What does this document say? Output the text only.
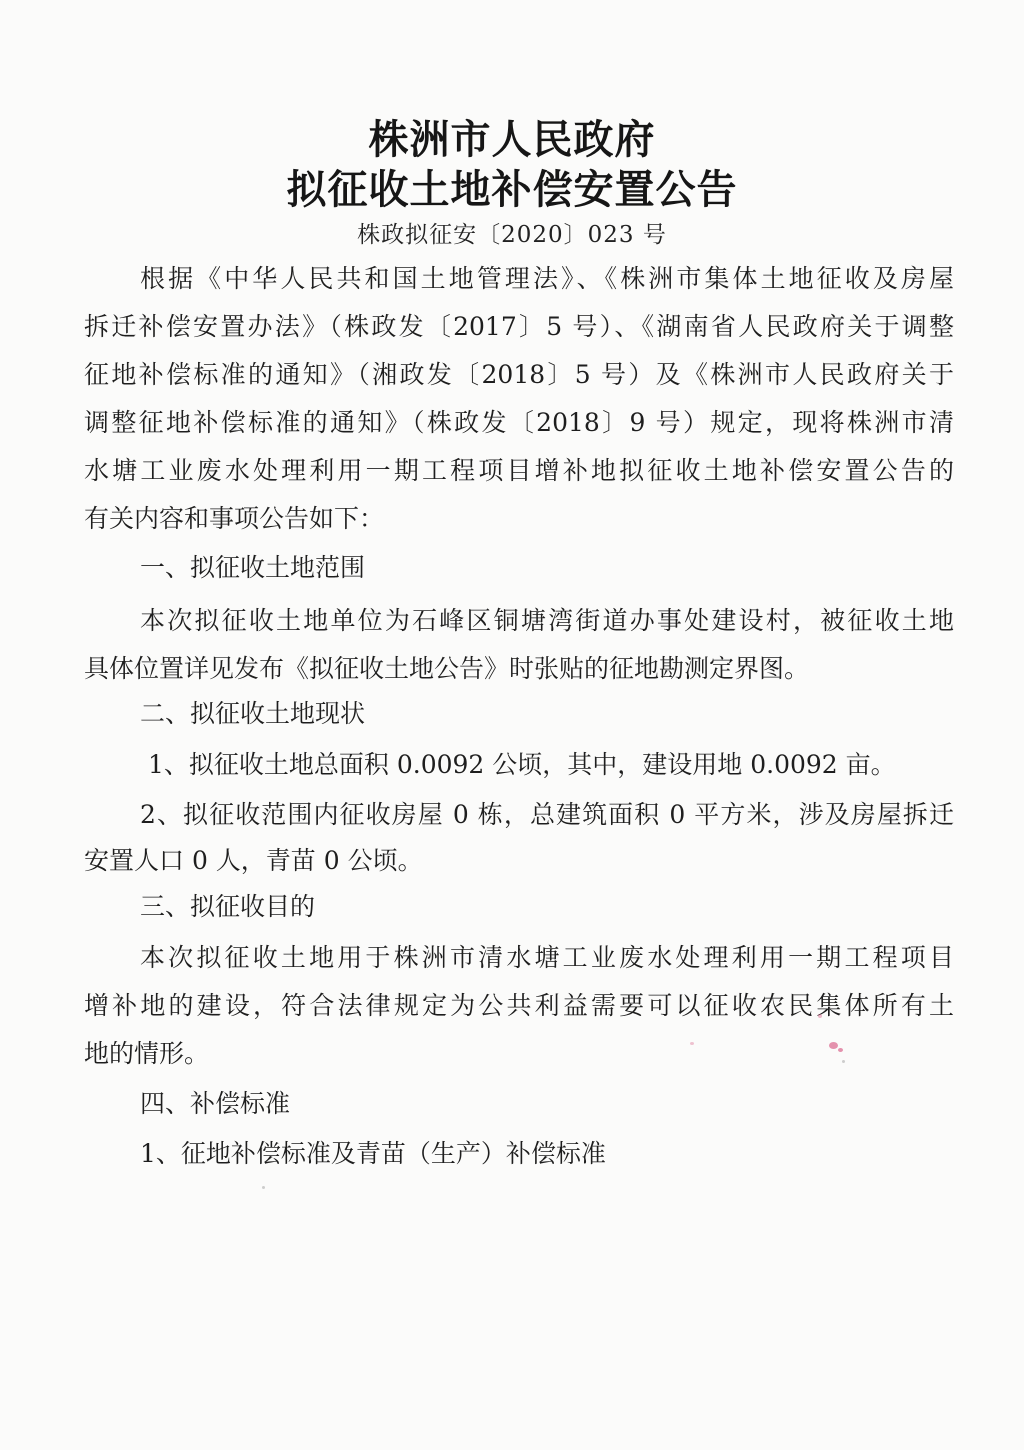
株洲市人民政府
拟征收土地补偿安置公告
株政拟征安〔2020〕023 号
根据《中华人民共和国土地管理法》、《株洲市集体土地征收及房屋
拆迁补偿安置办法》（株政发〔2017〕5 号）、《湖南省人民政府关于调整
征地补偿标准的通知》（湘政发〔2018〕5 号）及《株洲市人民政府关于
调整征地补偿标准的通知》（株政发〔2018〕9 号）规定，现将株洲市清
水塘工业废水处理利用一期工程项目增补地拟征收土地补偿安置公告的
有关内容和事项公告如下：
一、拟征收土地范围
本次拟征收土地单位为石峰区铜塘湾街道办事处建设村，被征收土地
具体位置详见发布《拟征收土地公告》时张贴的征地勘测定界图。
二、拟征收土地现状
1、拟征收土地总面积 0.0092 公顷，其中，建设用地 0.0092 亩。
2、拟征收范围内征收房屋 0 栋，总建筑面积 0 平方米，涉及房屋拆迁
安置人口 0 人，青苗 0 公顷。
三、拟征收目的
本次拟征收土地用于株洲市清水塘工业废水处理利用一期工程项目
增补地的建设，符合法律规定为公共利益需要可以征收农民集体所有土
地的情形。
四、补偿标准
1、征地补偿标准及青苗（生产）补偿标准
